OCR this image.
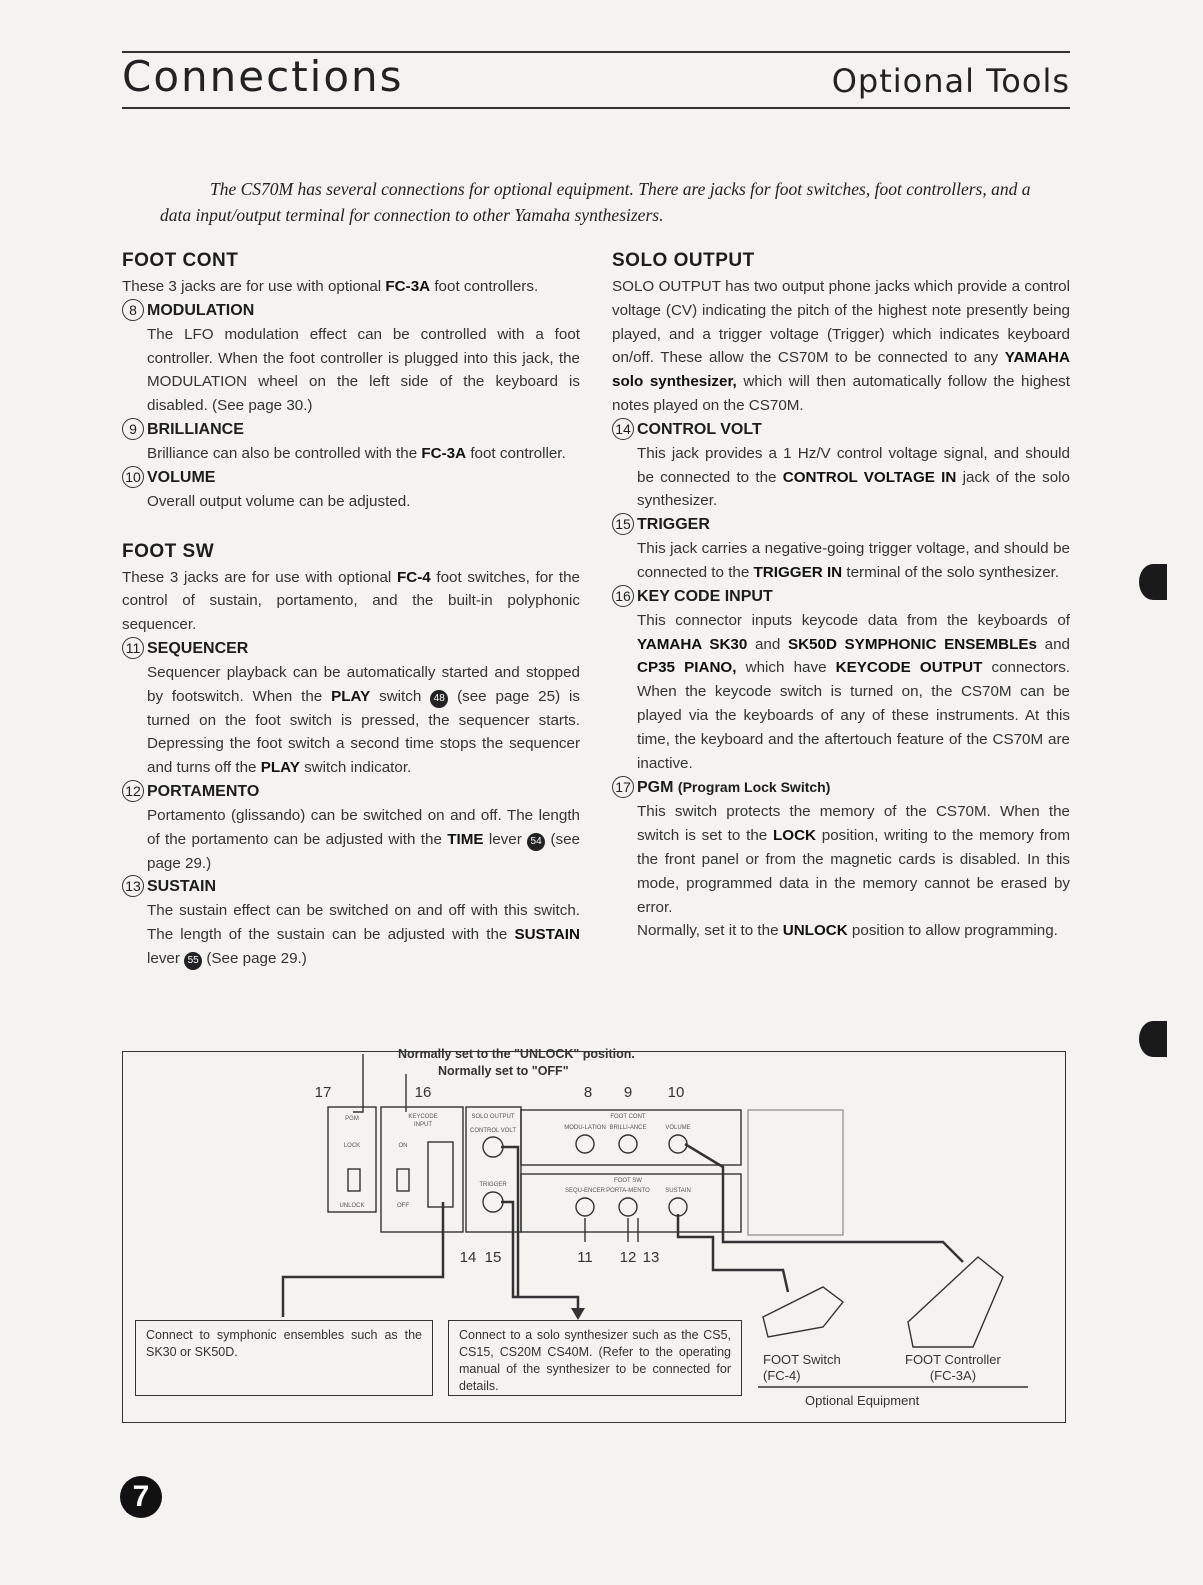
Connections	Optional Tools

The CS70M has several connections for optional equipment. There are jacks for foot switches, foot controllers, and a data input/output terminal for connection to other Yamaha synthesizers.

FOOT CONT

These 3 jacks are for use with optional FC-3A foot controllers.

8 MODULATION

The LFO modulation effect can be controlled with a foot controller. When the foot controller is plugged into this jack, the MODULATION wheel on the left side of the keyboard is disabled. (See page 30.)

9 BRILLIANCE

Brilliance can also be controlled with the FC-3A foot controller.

10 VOLUME

Overall output volume can be adjusted.

FOOT SW

These 3 jacks are for use with optional FC-4 foot switches, for the control of sustain, portamento, and the built-in polyphonic sequencer.

11 SEQUENCER

Sequencer playback can be automatically started and stopped by footswitch. When the PLAY switch 48 (see page 25) is turned on the foot switch is pressed, the sequencer starts. Depressing the foot switch a second time stops the sequencer and turns off the PLAY switch indicator.

12 PORTAMENTO

Portamento (glissando) can be switched on and off. The length of the portamento can be adjusted with the TIME lever 54 (see page 29.)

13 SUSTAIN

The sustain effect can be switched on and off with this switch. The length of the sustain can be adjusted with the SUSTAIN lever 55 (See page 29.)

SOLO OUTPUT

SOLO OUTPUT has two output phone jacks which provide a control voltage (CV) indicating the pitch of the highest note presently being played, and a trigger voltage (Trigger) which indicates keyboard on/off. These allow the CS70M to be connected to any YAMAHA solo synthesizer, which will then automatically follow the highest notes played on the CS70M.

14 CONTROL VOLT

This jack provides a 1 Hz/V control voltage signal, and should be connected to the CONTROL VOLTAGE IN jack of the solo synthesizer.

15 TRIGGER

This jack carries a negative-going trigger voltage, and should be connected to the TRIGGER IN terminal of the solo synthesizer.

16 KEY CODE INPUT

This connector inputs keycode data from the keyboards of YAMAHA SK30 and SK50D SYMPHONIC ENSEMBLEs and CP35 PIANO, which have KEYCODE OUTPUT connectors. When the keycode switch is turned on, the CS70M can be played via the keyboards of any of these instruments. At this time, the keyboard and the aftertouch feature of the CS70M are inactive.

17 PGM (Program Lock Switch)

This switch protects the memory of the CS70M. When the switch is set to the LOCK position, writing to the memory from the front panel or from the magnetic cards is disabled. In this mode, programmed data in the memory cannot be erased by error.

Normally, set it to the UNLOCK position to allow programming.

17	16	8 9 10
14 15	11 12 13
PGM
LOCK
UNLOCK
KEYCODE
INPUT
ON
OFF
SOLO OUTPUT
CONTROL VOLT
TRIGGER
FOOT CONT
MODU-LATION BRILLI-ANCE	VOLUME
FOOT SW
SEQU-ENCER PORTA-MENTO	SUSTAIN
Normally set to the "UNLOCK" position.
Normally set to "OFF"
Connect to symphonic ensembles such as the SK30 or SK50D.
Connect to a solo synthesizer such as the CS5, CS15, CS20M CS40M. (Refer to the operating manual of the synthesizer to be connected for details.
FOOT Switch
(FC-4)
FOOT Controller
(FC-3A)
Optional Equipment
7
